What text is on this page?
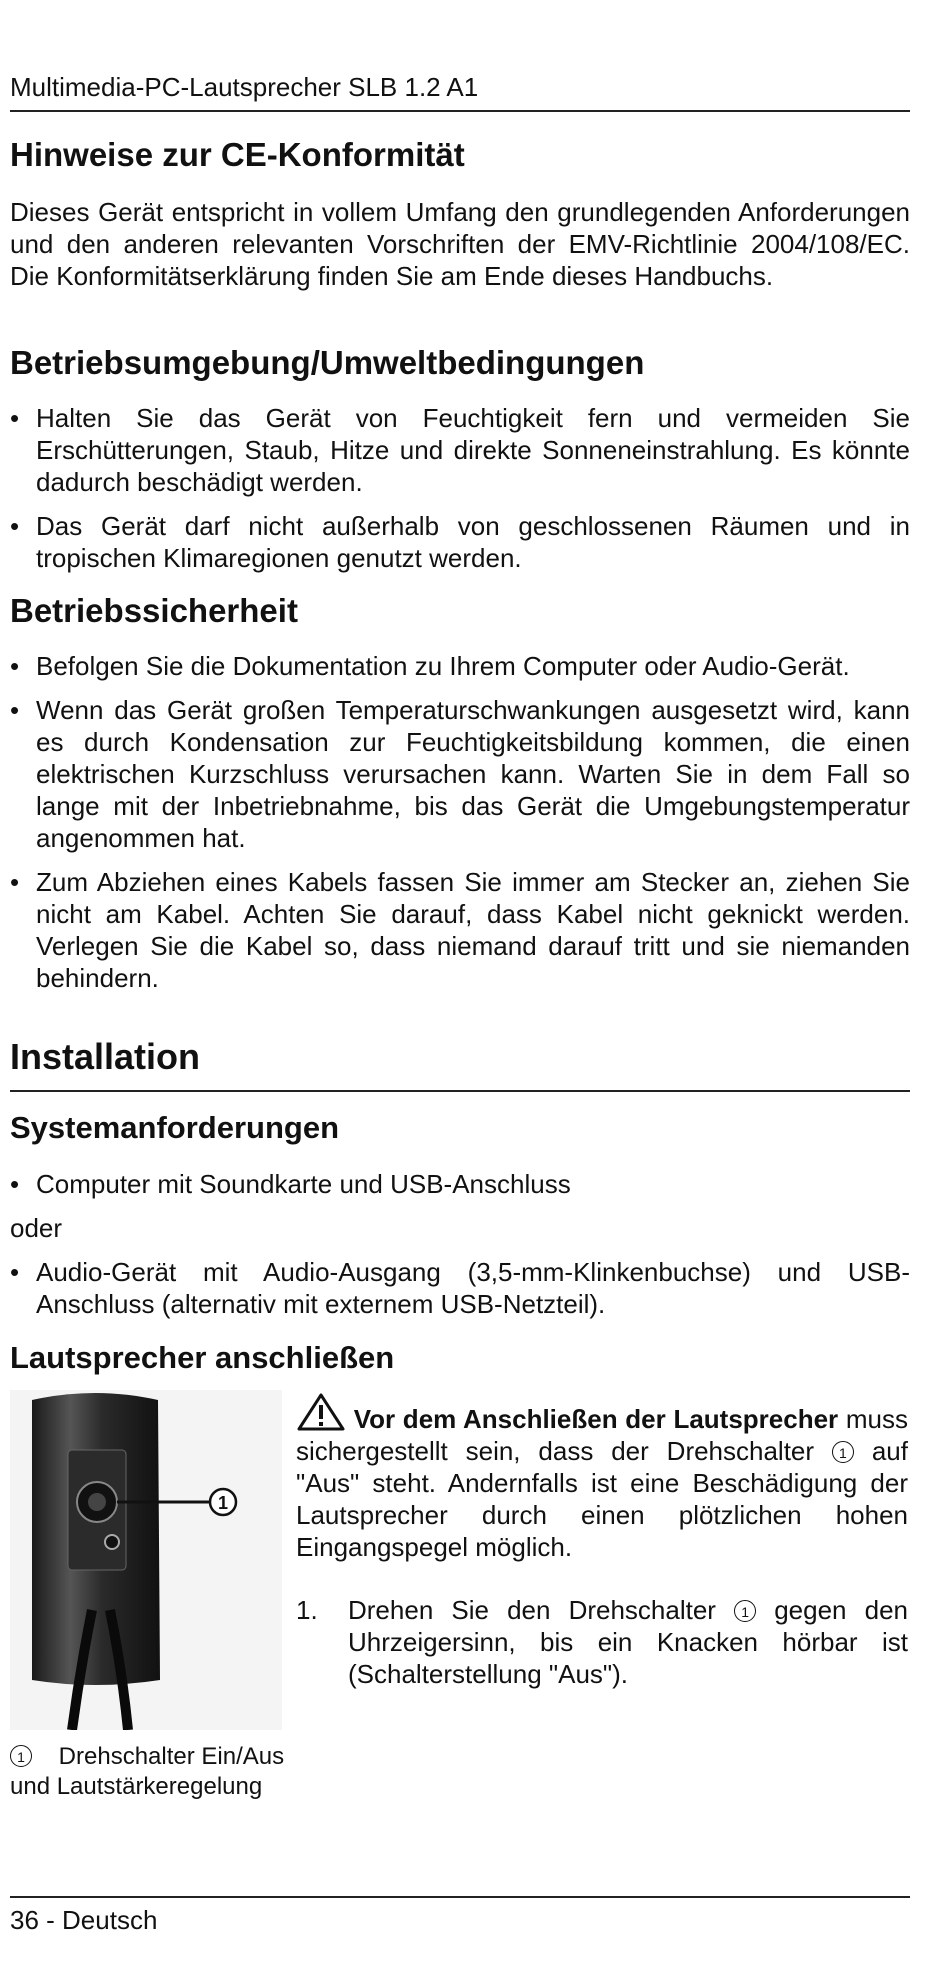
Multimedia-PC-Lautsprecher SLB 1.2 A1
Hinweise zur CE-Konformität
Dieses Gerät entspricht in vollem Umfang den grundlegenden Anforderungen und den anderen relevanten Vorschriften der EMV-Richtlinie 2004/108/EC. Die Konformitätserklärung finden Sie am Ende dieses Handbuchs.
Betriebsumgebung/Umweltbedingungen
• Halten Sie das Gerät von Feuchtigkeit fern und vermeiden Sie Erschütterungen, Staub, Hitze und direkte Sonneneinstrahlung. Es könnte dadurch beschädigt werden.
• Das Gerät darf nicht außerhalb von geschlossenen Räumen und in tropischen Klimaregionen genutzt werden.
Betriebssicherheit
• Befolgen Sie die Dokumentation zu Ihrem Computer oder Audio-Gerät.
• Wenn das Gerät großen Temperaturschwankungen ausgesetzt wird, kann es durch Kondensation zur Feuchtigkeitsbildung kommen, die einen elektrischen Kurzschluss verursachen kann. Warten Sie in dem Fall so lange mit der Inbetriebnahme, bis das Gerät die Umgebungstemperatur angenommen hat.
• Zum Abziehen eines Kabels fassen Sie immer am Stecker an, ziehen Sie nicht am Kabel. Achten Sie darauf, dass Kabel nicht geknickt werden. Verlegen Sie die Kabel so, dass niemand darauf tritt und sie niemanden behindern.
Installation
Systemanforderungen
• Computer mit Soundkarte und USB-Anschluss
oder
• Audio-Gerät mit Audio-Ausgang (3,5-mm-Klinkenbuchse) und USB-Anschluss (alternativ mit externem USB-Netzteil).
Lautsprecher anschließen
1
1 Drehschalter Ein/Aus und Lautstärkeregelung
Vor dem Anschließen der Lautsprecher muss sichergestellt sein, dass der Drehschalter 1 auf "Aus" steht. Andernfalls ist eine Beschädigung der Lautsprecher durch einen plötzlichen hohen Eingangspegel möglich.
1. Drehen Sie den Drehschalter 1 gegen den Uhrzeigersinn, bis ein Knacken hörbar ist (Schalterstellung "Aus").
36 - Deutsch
